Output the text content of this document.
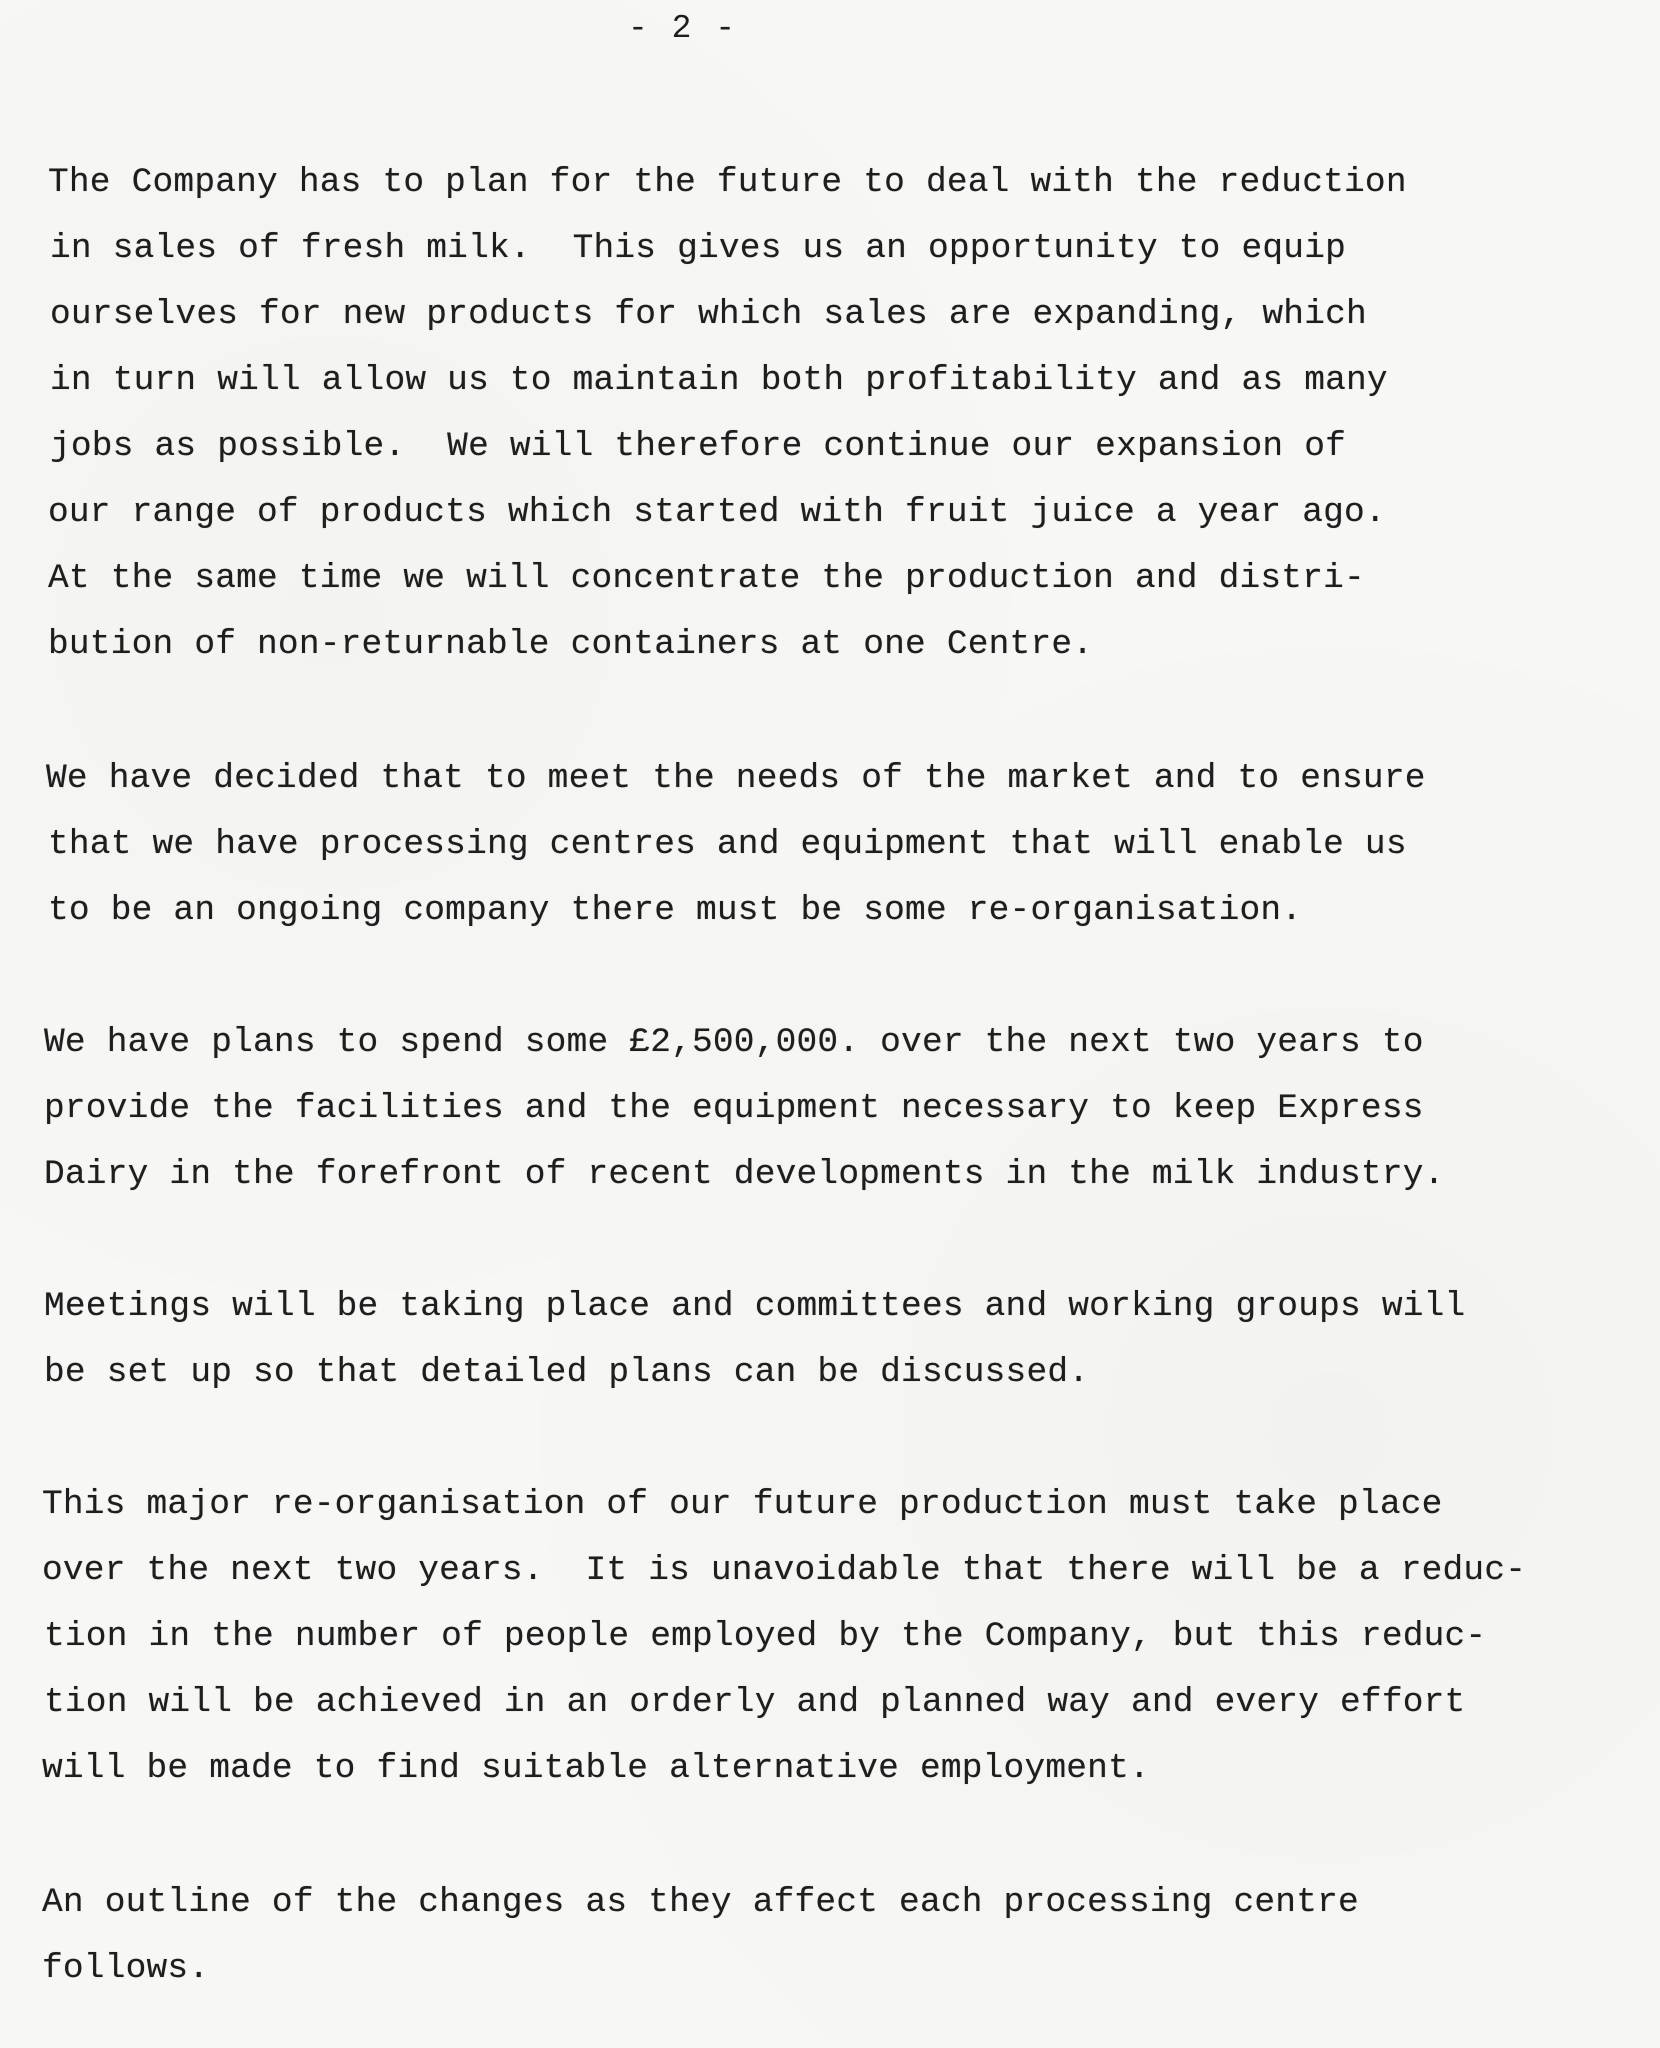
- 2 -
The Company has to plan for the future to deal with the reduction
in sales of fresh milk.  This gives us an opportunity to equip
ourselves for new products for which sales are expanding, which
in turn will allow us to maintain both profitability and as many
jobs as possible.  We will therefore continue our expansion of
our range of products which started with fruit juice a year ago.
At the same time we will concentrate the production and distri-
bution of non-returnable containers at one Centre.
We have decided that to meet the needs of the market and to ensure
that we have processing centres and equipment that will enable us
to be an ongoing company there must be some re-organisation.
We have plans to spend some £2,500,000. over the next two years to
provide the facilities and the equipment necessary to keep Express
Dairy in the forefront of recent developments in the milk industry.
Meetings will be taking place and committees and working groups will
be set up so that detailed plans can be discussed.
This major re-organisation of our future production must take place
over the next two years.  It is unavoidable that there will be a reduc-
tion in the number of people employed by the Company, but this reduc-
tion will be achieved in an orderly and planned way and every effort
will be made to find suitable alternative employment.
An outline of the changes as they affect each processing centre
follows.
